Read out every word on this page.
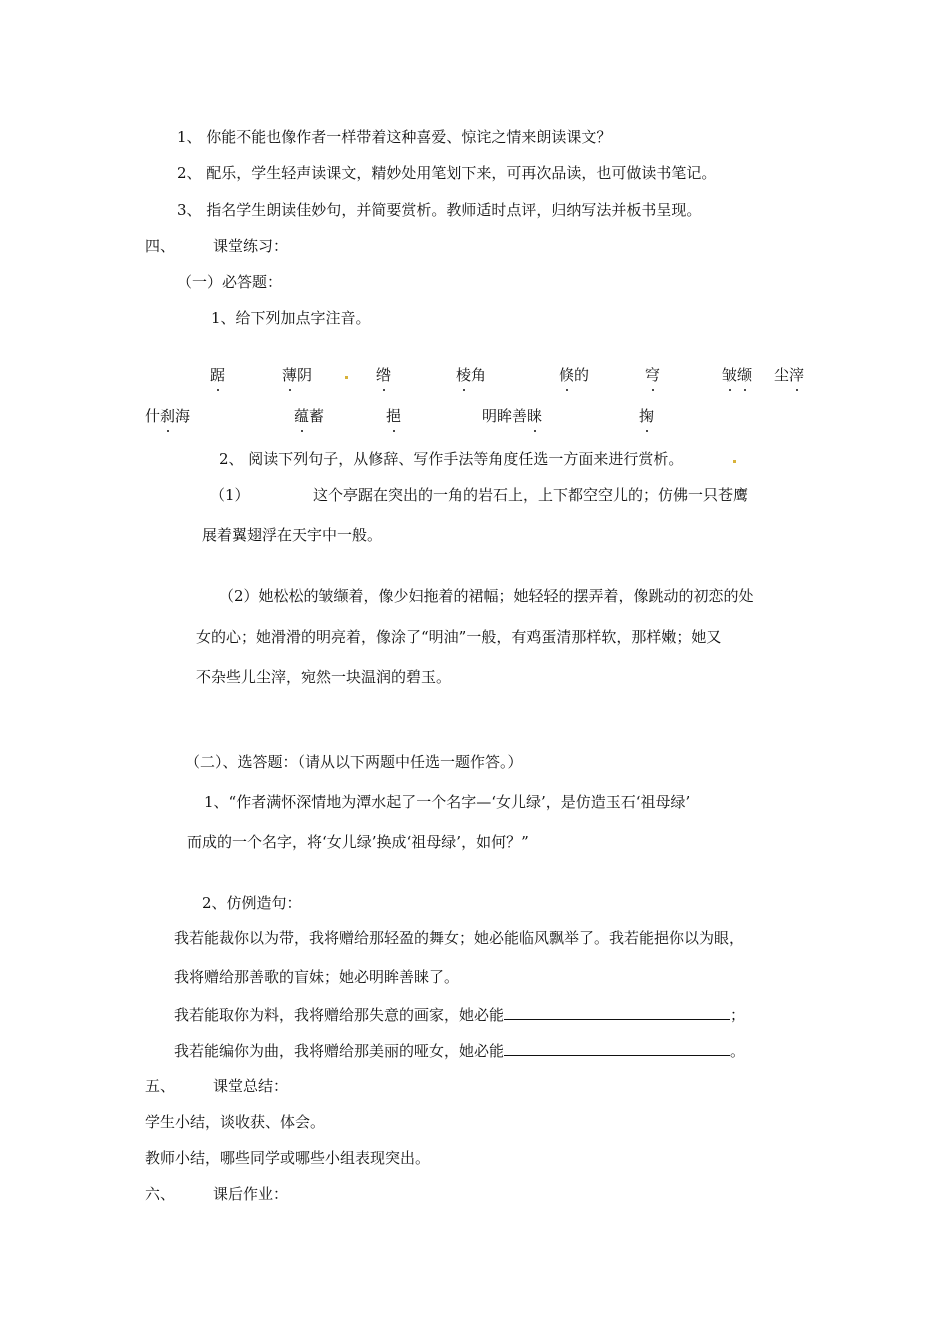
1、 你能不能也像作者一样带着这种喜爱、惊诧之情来朗读课文？
2、 配乐，学生轻声读课文，精妙处用笔划下来，可再次品读，也可做读书笔记。
3、 指名学生朗读佳妙句，并简要赏析。教师适时点评，归纳写法并板书呈现。
四、	课堂练习：
（一）必答题：
1、给下列加点字注音。
踞	薄阴	绺	棱角	倏的	穹	皱缬 尘滓
什刹海	蕴蓄	挹	明眸善睐	掬
2、 阅读下列句子，从修辞、写作手法等角度任选一方面来进行赏析。
（1）	这个亭踞在突出的一角的岩石上，上下都空空儿的；仿佛一只苍鹰
展着翼翅浮在天宇中一般。
（2）她松松的皱缬着，像少妇拖着的裙幅；她轻轻的摆弄着，像跳动的初恋的处
女的心；她滑滑的明亮着，像涂了“明油”一般，有鸡蛋清那样软，那样嫩；她又
不杂些儿尘滓，宛然一块温润的碧玉。
（二）、选答题：（请从以下两题中任选一题作答。）
1、“作者满怀深情地为潭水起了一个名字—‘女儿绿’，是仿造玉石‘祖母绿’
而成的一个名字，将‘女儿绿’换成‘祖母绿’，如何？”
2、仿例造句：
我若能裁你以为带，我将赠给那轻盈的舞女；她必能临风飘举了。我若能挹你以为眼，
我将赠给那善歌的盲妹；她必明眸善睐了。
我若能取你为料，我将赠给那失意的画家，她必能	；
我若能编你为曲，我将赠给那美丽的哑女，她必能	。
五、	课堂总结：
学生小结，谈收获、体会。
教师小结，哪些同学或哪些小组表现突出。
六、	课后作业：
